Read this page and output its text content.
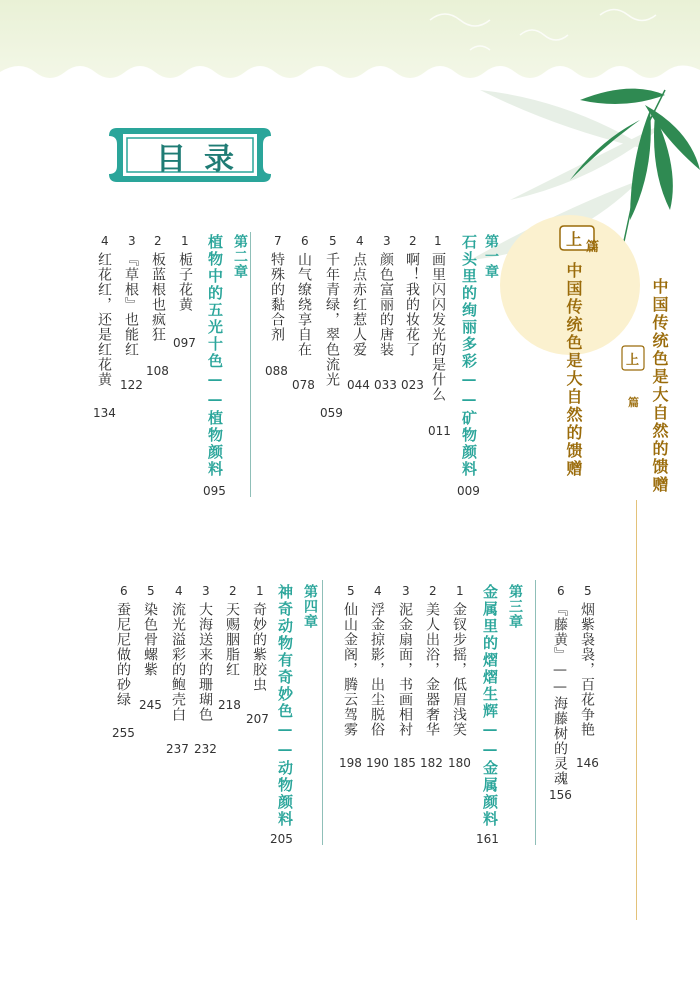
目录
上 篇
中国传统色是大自然的馈赠	中国传统色是大自然的馈赠
上
篇
第一章
石头里的绚丽多彩——矿物颜料
009
1
画里闪闪发光的是什么
011
2
啊！我的妆花了
023
3
颜色富丽的唐装
033
4
点点赤红惹人爱
044
5
千年青绿，翠色流光
059
6
山气缭绕享自在
078
7
特殊的黏合剂
088
第二章
植物中的五光十色——植物颜料
095
1
栀子花黄
097
2
板蓝根也疯狂
108
3
『草根』也能红
122
4
红花红，还是红花黄
134
5
烟紫袅袅，百花争艳
146
6
『藤黄』——海藤树的灵魂
156
第三章
金属里的熠熠生辉——金属颜料
161
1
金钗步摇，低眉浅笑
180
2
美人出浴，金器奢华
182
3
泥金扇面，书画相衬
185
4
浮金掠影，出尘脱俗
190
5
仙山金阁，腾云驾雾
198
第四章
神奇动物有奇妙色——动物颜料
205
1
奇妙的紫胶虫
207
2
天赐胭脂红
218
3
大海送来的珊瑚色
232
4
流光溢彩的鲍壳白
237
5
染色骨螺紫
245
6
蚕尼尼做的砂绿
255
